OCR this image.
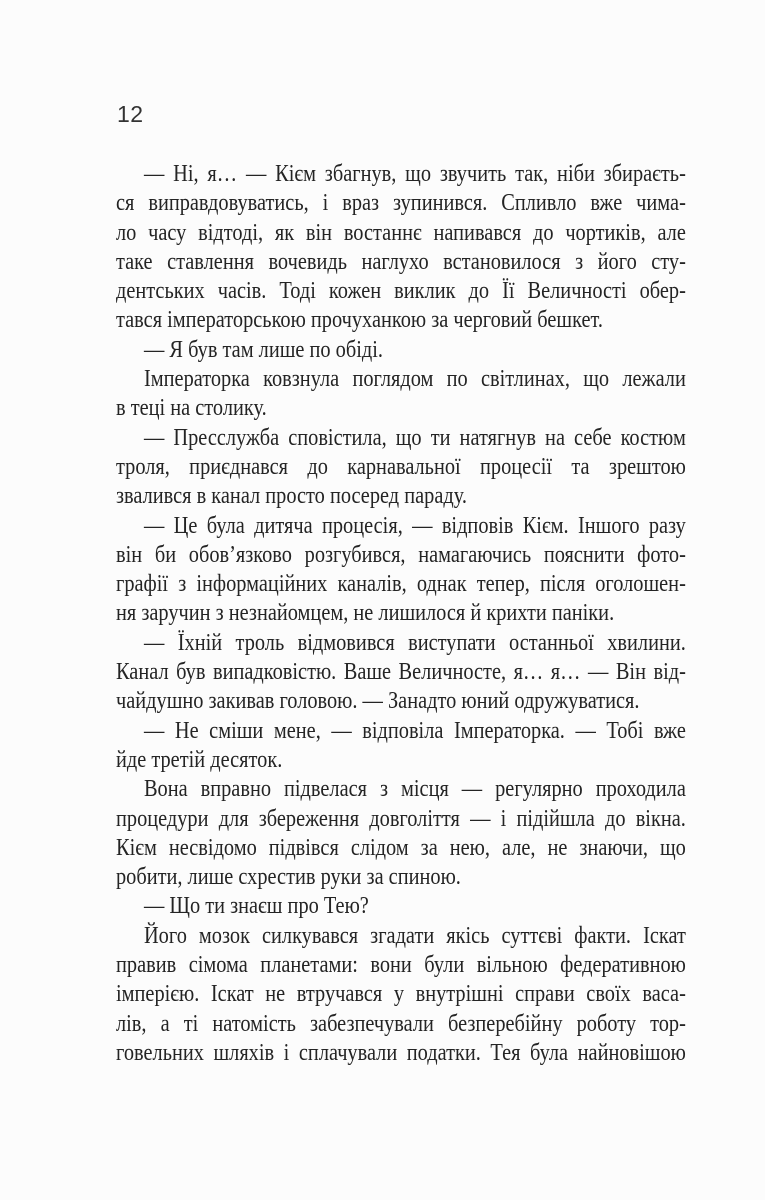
12
— Ні, я… — Кієм збагнув, що звучить так, ніби збираєть-
ся виправдовуватись, і враз зупинився. Спливло вже чима-
ло часу відтоді, як він востаннє напивався до чортиків, але
таке ставлення вочевидь наглухо встановилося з його сту-
дентських часів. Тоді кожен виклик до Її Величності обер-
тався імператорською прочуханкою за черговий бешкет.
— Я був там лише по обіді.
Імператорка ковзнула поглядом по світлинах, що лежали
в теці на столику.
— Пресслужба сповістила, що ти натягнув на себе костюм
троля, приєднався до карнавальної процесії та зрештою
звалився в канал просто посеред параду.
— Це була дитяча процесія, — відповів Кієм. Іншого разу
він би обов’язково розгубився, намагаючись пояснити фото-
графії з інформаційних каналів, однак тепер, після оголошен-
ня заручин з незнайомцем, не лишилося й крихти паніки.
— Їхній троль відмовився виступати останньої хвилини.
Канал був випадковістю. Ваше Величносте, я… я… — Він від-
чайдушно закивав головою. — Занадто юний одружуватися.
— Не сміши мене, — відповіла Імператорка. — Тобі вже
йде третій десяток.
Вона вправно підвелася з місця — регулярно проходила
процедури для збереження довголіття — і підійшла до вікна.
Кієм несвідомо підвівся слідом за нею, але, не знаючи, що
робити, лише схрестив руки за спиною.
— Що ти знаєш про Тею?
Його мозок силкувався згадати якісь суттєві факти. Іскат
правив сімома планетами: вони були вільною федеративною
імперією. Іскат не втручався у внутрішні справи своїх васа-
лів, а ті натомість забезпечували безперебійну роботу тор-
говельних шляхів і сплачували податки. Тея була найновішою
